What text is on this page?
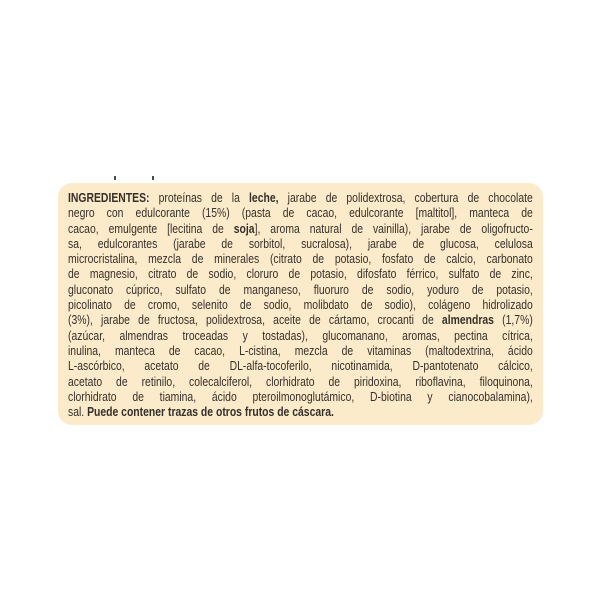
INGREDIENTES: proteínas de la leche, jarabe de polidextrosa, cobertura de chocolate
negro con edulcorante (15%) (pasta de cacao, edulcorante [maltitol], manteca de
cacao, emulgente [lecitina de soja], aroma natural de vainilla), jarabe de oligofructo-
sa, edulcorantes (jarabe de sorbitol, sucralosa), jarabe de glucosa, celulosa
microcristalina, mezcla de minerales (citrato de potasio, fosfato de calcio, carbonato
de magnesio, citrato de sodio, cloruro de potasio, difosfato férrico, sulfato de zinc,
gluconato cúprico, sulfato de manganeso, fluoruro de sodio, yoduro de potasio,
picolinato de cromo, selenito de sodio, molibdato de sodio), colágeno hidrolizado
(3%), jarabe de fructosa, polidextrosa, aceite de cártamo, crocanti de almendras (1,7%)
(azúcar, almendras troceadas y tostadas), glucomanano, aromas, pectina cítrica,
inulina, manteca de cacao, L-cistina, mezcla de vitaminas (maltodextrina, ácido
L-ascórbico, acetato de DL-alfa-tocoferilo, nicotinamida, D-pantotenato cálcico,
acetato de retinilo, colecalciferol, clorhidrato de piridoxina, riboflavina, filoquinona,
clorhidrato de tiamina, ácido pteroilmonoglutámico, D-biotina y cianocobalamina),
sal. Puede contener trazas de otros frutos de cáscara.
